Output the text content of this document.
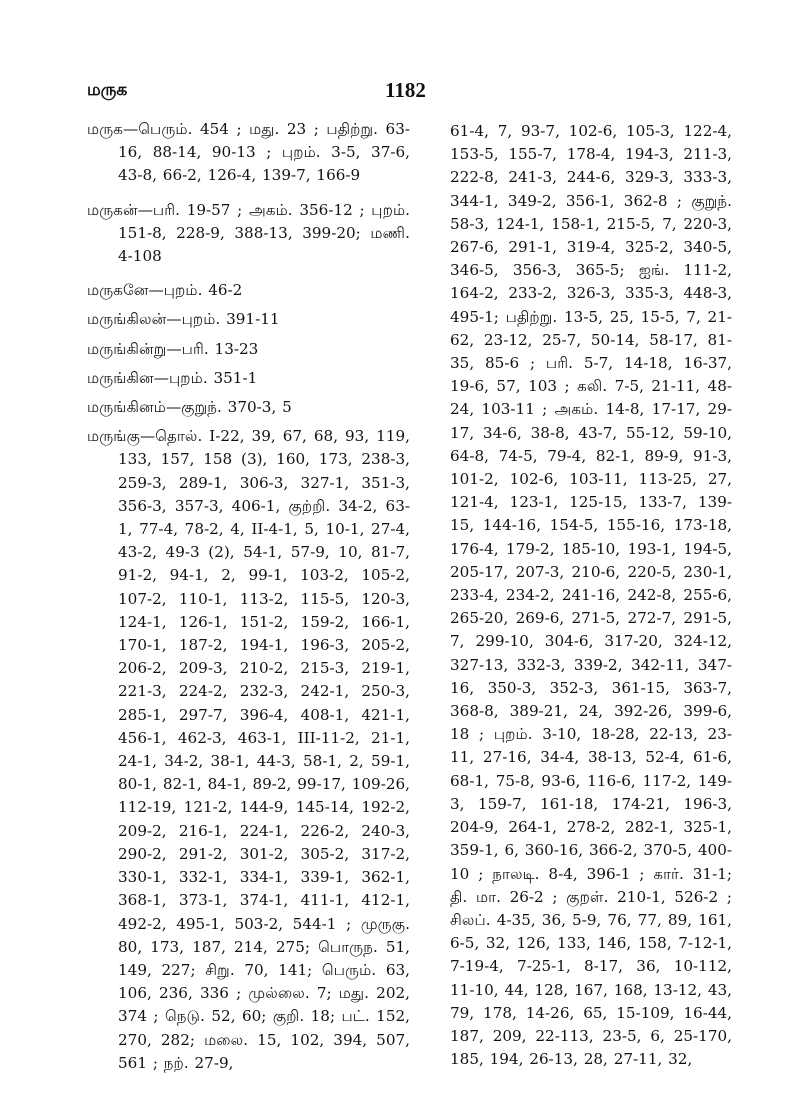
மருக	1182

மருக—பெரும். 454 ; மது. 23 ; பதிற்று. 63-16, 88-14, 90-13 ; புறம். 3-5, 37-6, 43-8, 66-2, 126-4, 139-7, 166-9

மருகன்—பரி. 19-57 ; அகம். 356-12 ; புறம். 151-8, 228-9, 388-13, 399-20; மணி. 4-108

மருகனே—புறம். 46-2

மருங்கிலன்—புறம். 391-11

மருங்கின்று—பரி. 13-23

மருங்கின—புறம். 351-1

மருங்கினம்—குறுந். 370-3, 5

மருங்கு—தொல். I-22, 39, 67, 68, 93, 119, 133, 157, 158 (3), 160, 173, 238-3, 259-3, 289-1, 306-3, 327-1, 351-3, 356-3, 357-3, 406-1, குற்றி. 34-2, 63-1, 77-4, 78-2, 4, II-4-1, 5, 10-1, 27-4, 43-2, 49-3 (2), 54-1, 57-9, 10, 81-7, 91-2, 94-1, 2, 99-1, 103-2, 105-2, 107-2, 110-1, 113-2, 115-5, 120-3, 124-1, 126-1, 151-2, 159-2, 166-1, 170-1, 187-2, 194-1, 196-3, 205-2, 206-2, 209-3, 210-2, 215-3, 219-1, 221-3, 224-2, 232-3, 242-1, 250-3, 285-1, 297-7, 396-4, 408-1, 421-1, 456-1, 462-3, 463-1, III-11-2, 21-1, 24-1, 34-2, 38-1, 44-3, 58-1, 2, 59-1, 80-1, 82-1, 84-1, 89-2, 99-17, 109-26, 112-19, 121-2, 144-9, 145-14, 192-2, 209-2, 216-1, 224-1, 226-2, 240-3, 290-2, 291-2, 301-2, 305-2, 317-2, 330-1, 332-1, 334-1, 339-1, 362-1, 368-1, 373-1, 374-1, 411-1, 412-1, 492-2, 495-1, 503-2, 544-1 ; முருகு. 80, 173, 187, 214, 275; பொருந. 51, 149, 227; சிறு. 70, 141; பெரும். 63, 106, 236, 336 ; முல்லை. 7; மது. 202, 374 ; நெடு. 52, 60; குறி. 18; பட். 152, 270, 282; மலை. 15, 102, 394, 507, 561 ; நற். 27-9,

61-4, 7, 93-7, 102-6, 105-3, 122-4, 153-5, 155-7, 178-4, 194-3, 211-3, 222-8, 241-3, 244-6, 329-3, 333-3, 344-1, 349-2, 356-1, 362-8 ; குறுந். 58-3, 124-1, 158-1, 215-5, 7, 220-3, 267-6, 291-1, 319-4, 325-2, 340-5, 346-5, 356-3, 365-5; ஐங். 111-2, 164-2, 233-2, 326-3, 335-3, 448-3, 495-1; பதிற்று. 13-5, 25, 15-5, 7, 21-62, 23-12, 25-7, 50-14, 58-17, 81-35, 85-6 ; பரி. 5-7, 14-18, 16-37, 19-6, 57, 103 ; கலி. 7-5, 21-11, 48-24, 103-11 ; அகம். 14-8, 17-17, 29-17, 34-6, 38-8, 43-7, 55-12, 59-10, 64-8, 74-5, 79-4, 82-1, 89-9, 91-3, 101-2, 102-6, 103-11, 113-25, 27, 121-4, 123-1, 125-15, 133-7, 139-15, 144-16, 154-5, 155-16, 173-18, 176-4, 179-2, 185-10, 193-1, 194-5, 205-17, 207-3, 210-6, 220-5, 230-1, 233-4, 234-2, 241-16, 242-8, 255-6, 265-20, 269-6, 271-5, 272-7, 291-5, 7, 299-10, 304-6, 317-20, 324-12, 327-13, 332-3, 339-2, 342-11, 347-16, 350-3, 352-3, 361-15, 363-7, 368-8, 389-21, 24, 392-26, 399-6, 18 ; புறம். 3-10, 18-28, 22-13, 23-11, 27-16, 34-4, 38-13, 52-4, 61-6, 68-1, 75-8, 93-6, 116-6, 117-2, 149-3, 159-7, 161-18, 174-21, 196-3, 204-9, 264-1, 278-2, 282-1, 325-1, 359-1, 6, 360-16, 366-2, 370-5, 400-10 ; நாலடி. 8-4, 396-1 ; கார். 31-1; தி. மா. 26-2 ; குறள். 210-1, 526-2 ; சிலப். 4-35, 36, 5-9, 76, 77, 89, 161, 6-5, 32, 126, 133, 146, 158, 7-12-1, 7-19-4, 7-25-1, 8-17, 36, 10-112, 11-10, 44, 128, 167, 168, 13-12, 43, 79, 178, 14-26, 65, 15-109, 16-44, 187, 209, 22-113, 23-5, 6, 25-170, 185, 194, 26-13, 28, 27-11, 32,
